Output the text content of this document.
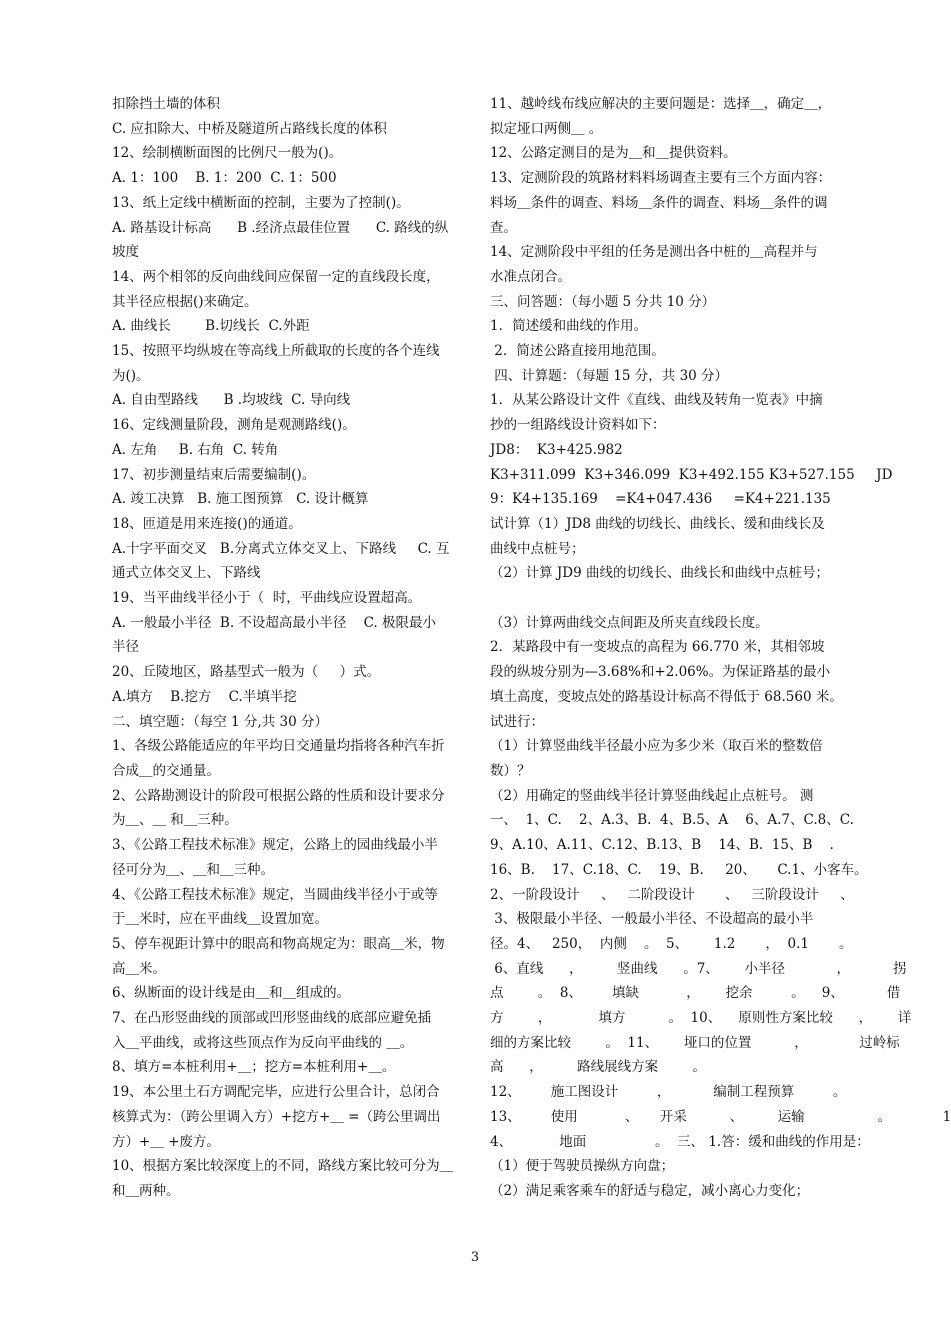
扣除挡土墙的体积
C. 应扣除大、中桥及隧道所占路线长度的体积
12、绘制横断面图的比例尺一般为()。
A. 1：100    B. 1：200  C. 1：500
13、纸上定线中横断面的控制，主要为了控制()。
A. 路基设计标高      B .经济点最佳位置      C. 路线的纵
坡度
14、两个相邻的反向曲线间应保留一定的直线段长度，
其半径应根据()来确定。
A. 曲线长        B.切线长  C.外距
15、按照平均纵坡在等高线上所截取的长度的各个连线
为()。
A. 自由型路线      B .均坡线  C. 导向线
16、定线测量阶段，测角是观测路线()。
A. 左角     B. 右角  C. 转角
17、初步测量结束后需要编制()。
A. 竣工决算   B. 施工图预算   C. 设计概算
18、匝道是用来连接()的通道。
A.十字平面交叉   B.分离式立体交叉上、下路线     C. 互
通式立体交叉上、下路线
19、当平曲线半径小于（  时，平曲线应设置超高。
A. 一般最小半径  B. 不设超高最小半径    C. 极限最小
半径
20、丘陵地区，路基型式一般为（     ）式。
A.填方    B.挖方    C.半填半挖
二、填空题：（每空 1 分,共 30 分）
1、各级公路能适应的年平均日交通量均指将各种汽车折
合成＿的交通量。
2、公路勘测设计的阶段可根据公路的性质和设计要求分
为＿、＿ 和＿三种。
3、《公路工程技术标准》规定，公路上的园曲线最小半
径可分为＿、＿和＿三种。
4、《公路工程技术标准》规定，当圆曲线半径小于或等
于＿米时，应在平曲线＿设置加宽。
5、停车视距计算中的眼高和物高规定为：眼高＿米，物
高＿米。
6、纵断面的设计线是由＿和＿组成的。
7、在凸形竖曲线的顶部或凹形竖曲线的底部应避免插
入＿平曲线，或将这些顶点作为反向平曲线的 ＿。
8、填方=本桩利用+＿；挖方=本桩利用+＿。
19、本公里土石方调配完毕，应进行公里合计，总闭合
核算式为：（跨公里调入方）+挖方+＿ =（跨公里调出
方）+＿ +废方。
10、根据方案比较深度上的不同，路线方案比较可分为＿
和＿两种。
11、越岭线布线应解决的主要问题是：选择＿，确定＿，
拟定垭口两侧＿ 。
12、公路定测目的是为＿和＿提供资料。
13、定测阶段的筑路材料料场调查主要有三个方面内容：
料场＿条件的调查、料场＿条件的调查、料场＿条件的调
查。
14、定测阶段中平组的任务是测出各中桩的＿高程并与
水准点闭合。
三、问答题：（每小题 5 分共 10 分）
1．简述缓和曲线的作用。
2．简述公路直接用地范围。
四、计算题：（每题 15 分，共 30 分）
1．从某公路设计文件《直线、曲线及转角一览表》中摘
抄的一组路线设计资料如下：
JD8：  K3+425.982
K3+311.099  K3+346.099  K3+492.155 K3+527.155     JD
9：K4+135.169    =K4+047.436     =K4+221.135
试计算（1）JD8 曲线的切线长、曲线长、缓和曲线长及
曲线中点桩号；
（2）计算 JD9 曲线的切线长、曲线长和曲线中点桩号；

（3）计算两曲线交点间距及所夹直线段长度。
2．某路段中有一变坡点的高程为 66.770 米，其相邻坡
段的纵坡分别为—3.68%和+2.06%。为保证路基的最小
填土高度，变坡点处的路基设计标高不得低于 68.560 米。
试进行：
（1）计算竖曲线半径最小应为多少米（取百米的整数倍
数）？
（2）用确定的竖曲线半径计算竖曲线起止点桩号。 测
一、  1、C.    2、A.3、B.  4、B.5、A    6、A.7、C.8、C.
9、A.10、A.11、C.12、B.13、B    14、B.  15、B    .
16、B.    17、C.18、C.    19、B.     20、     C.1、小客车。
2、一阶段设计     、   二阶段设计       、   三阶段设计     、
3、极限最小半径、一般最小半径、不设超高的最小半
径。4、   250，  内侧    。  5、      1.2       ，  0.1       。
6、直线      ，        竖曲线      。7、      小半径            ，          拐
点        。  8、       填缺           ，      挖余         。    9、          借
方        ，           填方          。  10、    原则性方案比较      ，      详
细的方案比较        。  11、      垭口的位置          ，            过岭标
高      ，        路线展线方案        。
12、       施工图设计         ，          编制工程预算         。
13、       使用           、     开采          、        运输                 。            1
4、           地面                。  三、 1.答：缓和曲线的作用是：
（1）便于驾驶员操纵方向盘；
（2）满足乘客乘车的舒适与稳定，减小离心力变化；
3
